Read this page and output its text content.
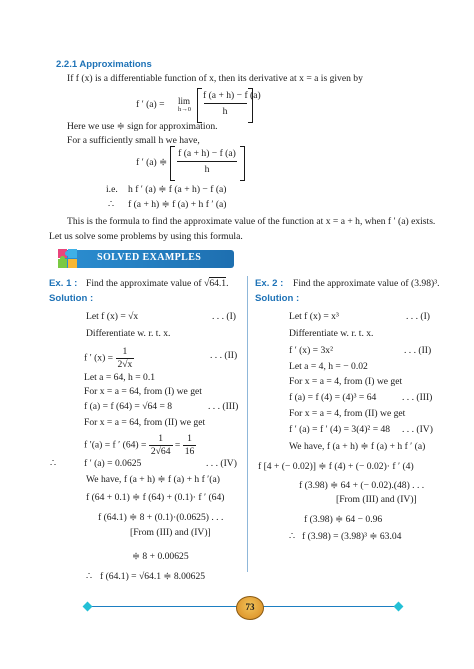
2.2.1 Approximations
If f (x) is a differentiable function of x, then its derivative at x = a is given by
f ′ (a) = lim
h→0
f (a + h) − f (a)
h
Here we use ≑ sign for approximation.
For a sufficiently small h we have,
f ′ (a) ≑
f (a + h) − f (a)
h
i.e. h f ′ (a) ≑ f (a + h) − f (a)
∴ f (a + h) ≑ f (a) + h f ′ (a)
This is the formula to find the approximate value of the function at x = a + h, when f ′ (a) exists.
Let us solve some problems by using this formula.
SOLVED EXAMPLES
Ex. 1 : Find the approximate value of √64.1.
Solution :
Let f (x) = √x	. . . (I)
Differentiate w. r. t. x.
f ′ $(x) = \frac{1}{2√x}$	. . . (II)
Let a = 64, h = 0.1
For x = a = 64, from (I) we get
f (a) = f (64) = √64 = 8	. . . (III)
For x = a = 64, from (II) we get
f ′(a) = f ′ $(64) = \frac{1}{2√64} = \frac{1}{16}$
∴	f ′ (a) = 0.0625	. . . (IV)
We have, f (a + h) ≑ f (a) + h f ′(a)
f (64 + 0.1) ≑ f (64) + (0.1)· f ′ (64)
f (64.1) ≑ 8 + (0.1)·(0.0625) . . .
[From (III) and (IV)]
≑ 8 + 0.00625
∴ f (64.1) = √64.1 ≑ 8.00625
Ex. 2 : Find the approximate value of (3.98)³.
Solution :
Let f (x) = x³	. . . (I)
Differentiate w. r. t. x.
f ′ (x) = 3x²	. . . (II)
Let a = 4, h = − 0.02
For x = a = 4, from (I) we get
f (a) = f (4) = (4)³ = 64	. . . (III)
For x = a = 4, from (II) we get
f ′ (a) = f ′ (4) = 3(4)² = 48 . . . (IV)
We have, f (a + h) ≑ f (a) + h f ′ (a)
f [4 + (− 0.02)] ≑ f (4) + (− 0.02)· f ′ (4)
f (3.98) ≑ 64 + (− 0.02).(48) . . .
[From (III) and (IV)]
f (3.98) ≑ 64 − 0.96
∴ f (3.98) = (3.98)³ ≑ 63.04
73
